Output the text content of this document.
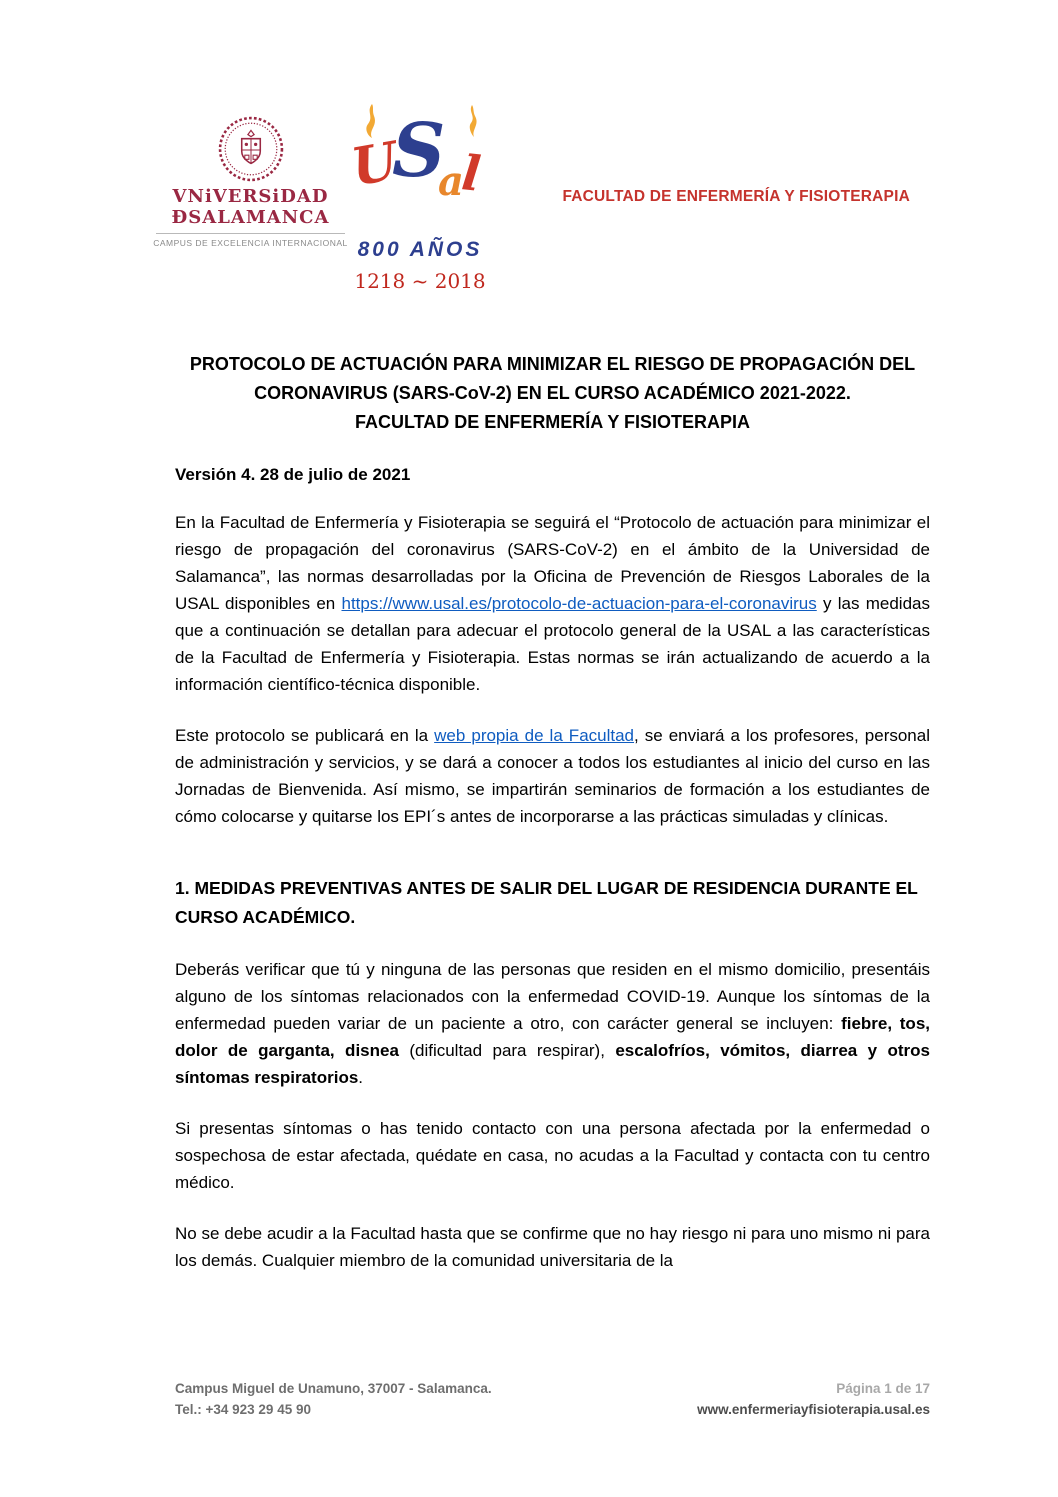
VNiVERSiDAD
ĐSALAMANCA
CAMPUS DE EXCELENCIA INTERNACIONAL
U
S
a
l
800 AÑOS
1218 ~ 2018
FACULTAD DE ENFERMERÍA Y FISIOTERAPIA
PROTOCOLO DE ACTUACIÓN PARA MINIMIZAR EL RIESGO DE PROPAGACIÓN DEL
CORONAVIRUS (SARS-CoV-2) EN EL CURSO ACADÉMICO 2021-2022.
FACULTAD DE ENFERMERÍA Y FISIOTERAPIA

Versión 4. 28 de julio de 2021

En la Facultad de Enfermería y Fisioterapia se seguirá el “Protocolo de actuación para minimizar el riesgo de propagación del coronavirus (SARS-CoV-2) en el ámbito de la Universidad de Salamanca”, las normas desarrolladas por la Oficina de Prevención de Riesgos Laborales de la USAL disponibles en https://www.usal.es/protocolo-de-actuacion-para-el-coronavirus y las medidas que a continuación se detallan para adecuar el protocolo general de la USAL a las características de la Facultad de Enfermería y Fisioterapia. Estas normas se irán actualizando de acuerdo a la información científico-técnica disponible.

Este protocolo se publicará en la web propia de la Facultad, se enviará a los profesores, personal de administración y servicios, y se dará a conocer a todos los estudiantes al inicio del curso en las Jornadas de Bienvenida. Así mismo, se impartirán seminarios de formación a los estudiantes de cómo colocarse y quitarse los EPI´s antes de incorporarse a las prácticas simuladas y clínicas.

1. MEDIDAS PREVENTIVAS ANTES DE SALIR DEL LUGAR DE RESIDENCIA DURANTE EL CURSO ACADÉMICO.

Deberás verificar que tú y ninguna de las personas que residen en el mismo domicilio, presentáis alguno de los síntomas relacionados con la enfermedad COVID-19. Aunque los síntomas de la enfermedad pueden variar de un paciente a otro, con carácter general se incluyen: fiebre, tos, dolor de garganta, disnea (dificultad para respirar), escalofríos, vómitos, diarrea y otros síntomas respiratorios.

Si presentas síntomas o has tenido contacto con una persona afectada por la enfermedad o sospechosa de estar afectada, quédate en casa, no acudas a la Facultad y contacta con tu centro médico.

No se debe acudir a la Facultad hasta que se confirme que no hay riesgo ni para uno mismo ni para los demás. Cualquier miembro de la comunidad universitaria de la

Campus Miguel de Unamuno, 37007 - Salamanca.
Tel.: +34 923 29 45 90
Página 1 de 17
www.enfermeriayfisioterapia.usal.es
